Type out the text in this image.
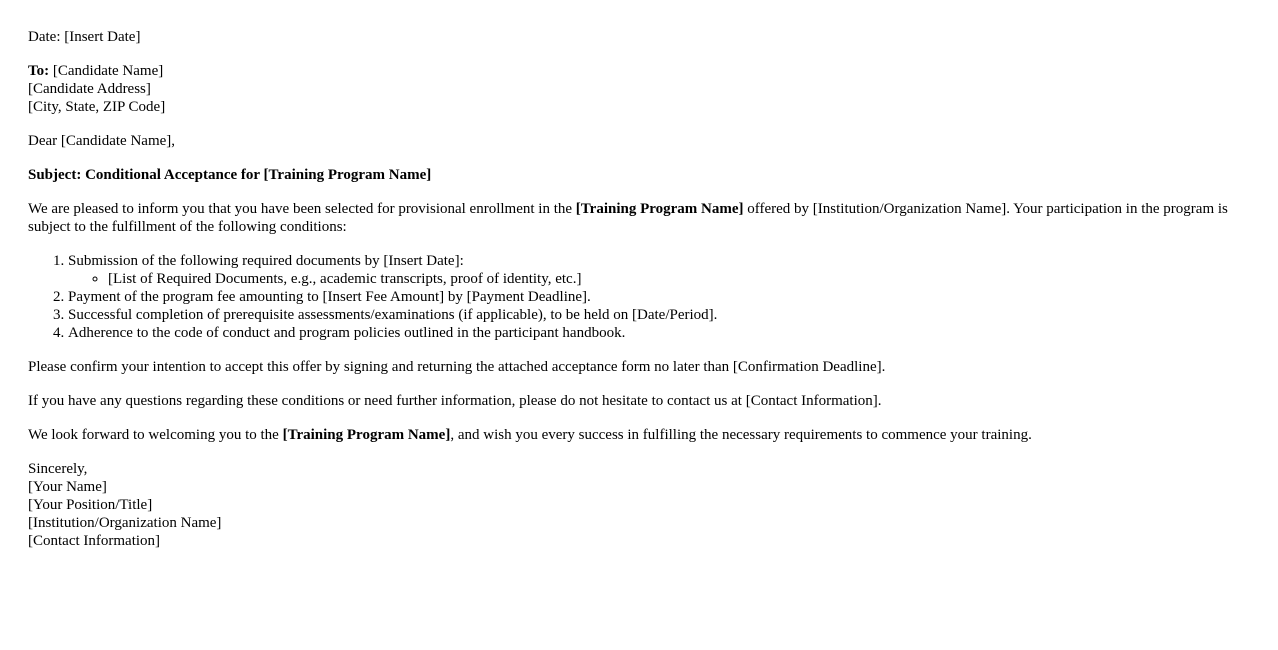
Date: [Insert Date]

To: [Candidate Name]
[Candidate Address]
[City, State, ZIP Code]

Dear [Candidate Name],

Subject: Conditional Acceptance for [Training Program Name]

We are pleased to inform you that you have been selected for provisional enrollment in the [Training Program Name] offered by [Institution/Organization Name]. Your participation in the program is subject to the fulfillment of the following conditions:

1. Submission of the following required documents by [Insert Date]:
◦ [List of Required Documents, e.g., academic transcripts, proof of identity, etc.]
2. Payment of the program fee amounting to [Insert Fee Amount] by [Payment Deadline].
3. Successful completion of prerequisite assessments/examinations (if applicable), to be held on [Date/Period].
4. Adherence to the code of conduct and program policies outlined in the participant handbook.

Please confirm your intention to accept this offer by signing and returning the attached acceptance form no later than [Confirmation Deadline].

If you have any questions regarding these conditions or need further information, please do not hesitate to contact us at [Contact Information].

We look forward to welcoming you to the [Training Program Name], and wish you every success in fulfilling the necessary requirements to commence your training.

Sincerely,
[Your Name]
[Your Position/Title]
[Institution/Organization Name]
[Contact Information]
